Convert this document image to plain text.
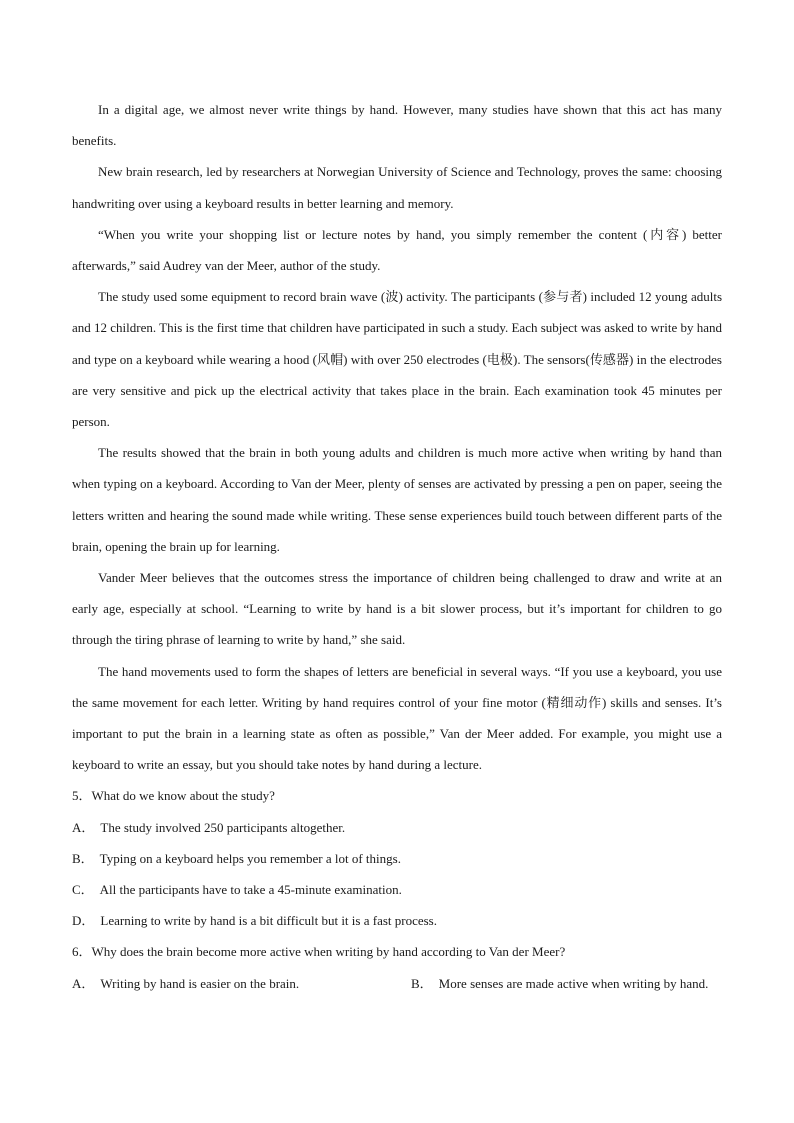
In a digital age, we almost never write things by hand. However, many studies have shown that this act has many benefits.

New brain research, led by researchers at Norwegian University of Science and Technology, proves the same: choosing handwriting over using a keyboard results in better learning and memory.

“When you write your shopping list or lecture notes by hand, you simply remember the content (内容) better afterwards,” said Audrey van der Meer, author of the study.

The study used some equipment to record brain wave (波) activity. The participants (参与者) included 12 young adults and 12 children. This is the first time that children have participated in such a study. Each subject was asked to write by hand and type on a keyboard while wearing a hood (风帽) with over 250 electrodes (电极). The sensors(传感器) in the electrodes are very sensitive and pick up the electrical activity that takes place in the brain. Each examination took 45 minutes per person.

The results showed that the brain in both young adults and children is much more active when writing by hand than when typing on a keyboard. According to Van der Meer, plenty of senses are activated by pressing a pen on paper, seeing the letters written and hearing the sound made while writing. These sense experiences build touch between different parts of the brain, opening the brain up for learning.

Vander Meer believes that the outcomes stress the importance of children being challenged to draw and write at an early age, especially at school. “Learning to write by hand is a bit slower process, but it’s important for children to go through the tiring phrase of learning to write by hand,” she said.

The hand movements used to form the shapes of letters are beneficial in several ways. “If you use a keyboard, you use the same movement for each letter. Writing by hand requires control of your fine motor (精细动作) skills and senses. It’s important to put the brain in a learning state as often as possible,” Van der Meer added. For example, you might use a keyboard to write an essay, but you should take notes by hand during a lecture.

5．What do we know about the study?

A． The study involved 250 participants altogether.

B． Typing on a keyboard helps you remember a lot of things.

C． All the participants have to take a 45-minute examination.

D． Learning to write by hand is a bit difficult but it is a fast process.

6．Why does the brain become more active when writing by hand according to Van der Meer?

A． Writing by hand is easier on the brain.	B． More senses are made active when writing by hand.
